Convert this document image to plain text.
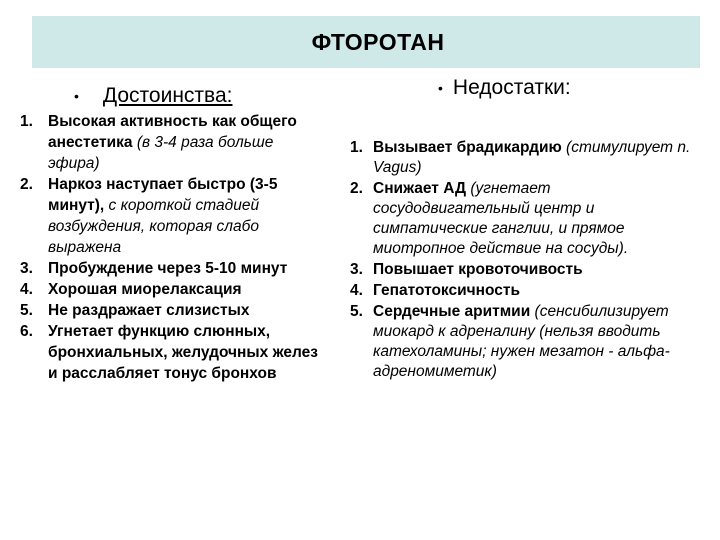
ФТОРОТАН
• Достоинства:	• Недостатки:
1. Высокая активность как общего анестетика (в 3-4 раза больше эфира)
2. Наркоз наступает быстро (3-5 минут), с короткой стадией возбуждения, которая слабо выражена
3. Пробуждение через 5-10 минут
4. Хорошая миорелаксация
5. Не раздражает слизистых
6. Угнетает функцию слюнных, бронхиальных, желудочных желез и расслабляет тонус бронхов
1. Вызывает брадикардию (стимулирует n. Vagus)
2. Снижает АД (угнетает сосудодвигательный центр и симпатические ганглии, и прямое миотропное действие на сосуды).
3. Повышает кровоточивость
4. Гепатотоксичность
5. Сердечные аритмии (сенсибилизирует миокард к адреналину (нельзя вводить катехоламины; нужен мезатон - альфа-адреномиметик)
